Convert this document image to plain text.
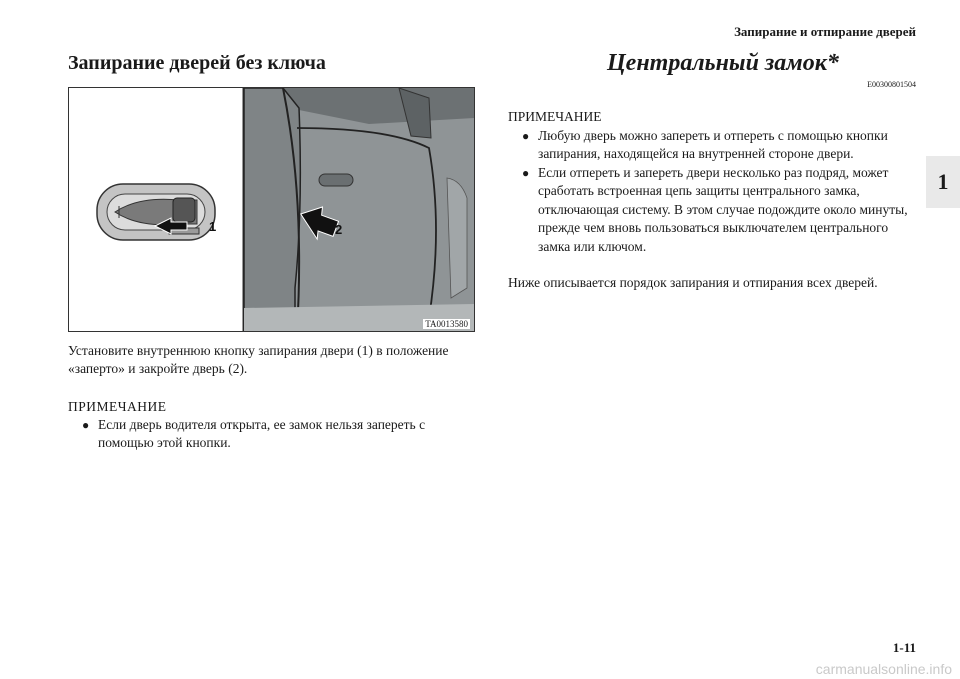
Запирание и отпирание дверей
1
Запирание дверей без ключа
1	2
TA0013580
Установите внутреннюю кнопку запирания двери (1) в положение «заперто» и закройте дверь (2).
ПРИМЕЧАНИЕ
● Если дверь водителя открыта, ее замок нельзя запереть с помощью этой кнопки.
Центральный замок*
E00300801504
ПРИМЕЧАНИЕ
● Любую дверь можно запереть и отпереть с помощью кнопки запирания, находящейся на внутренней стороне двери.
● Если отпереть и запереть двери несколько раз подряд, может сработать встроенная цепь защиты центрального замка, отключающая систему. В этом случае подождите около минуты, прежде чем вновь пользоваться выключателем центрального замка или ключом.
Ниже описывается порядок запирания и отпирания всех дверей.
1-11
carmanualsonline.info
